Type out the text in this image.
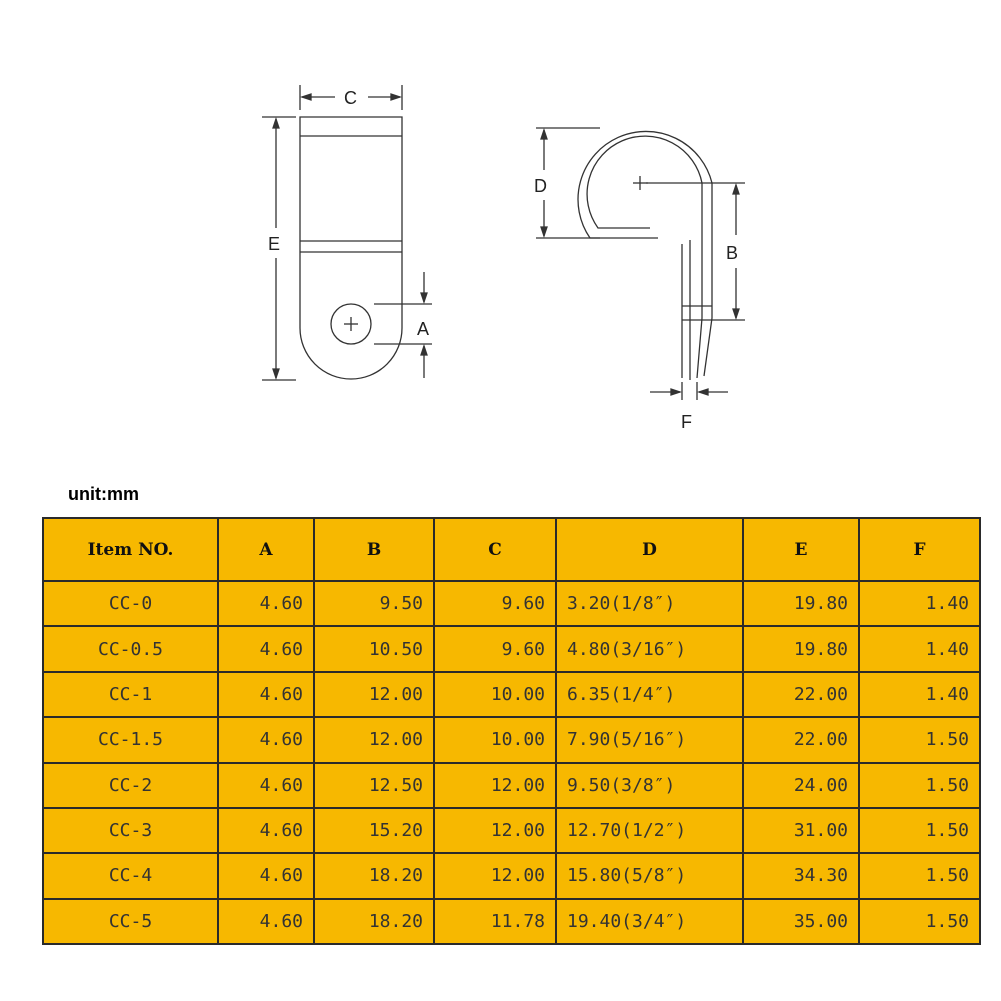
C
E
A
D
B
F
unit:mm
Item NO.	A	B	C	D	E	F
CC-0	4.60	9.50	9.60	3.20(1/8″)	19.80	1.40
CC-0.5	4.60	10.50	9.60	4.80(3/16″)	19.80	1.40
CC-1	4.60	12.00	10.00	6.35(1/4″)	22.00	1.40
CC-1.5	4.60	12.00	10.00	7.90(5/16″)	22.00	1.50
CC-2	4.60	12.50	12.00	9.50(3/8″)	24.00	1.50
CC-3	4.60	15.20	12.00	12.70(1/2″)	31.00	1.50
CC-4	4.60	18.20	12.00	15.80(5/8″)	34.30	1.50
CC-5	4.60	18.20	11.78	19.40(3/4″)	35.00	1.50
